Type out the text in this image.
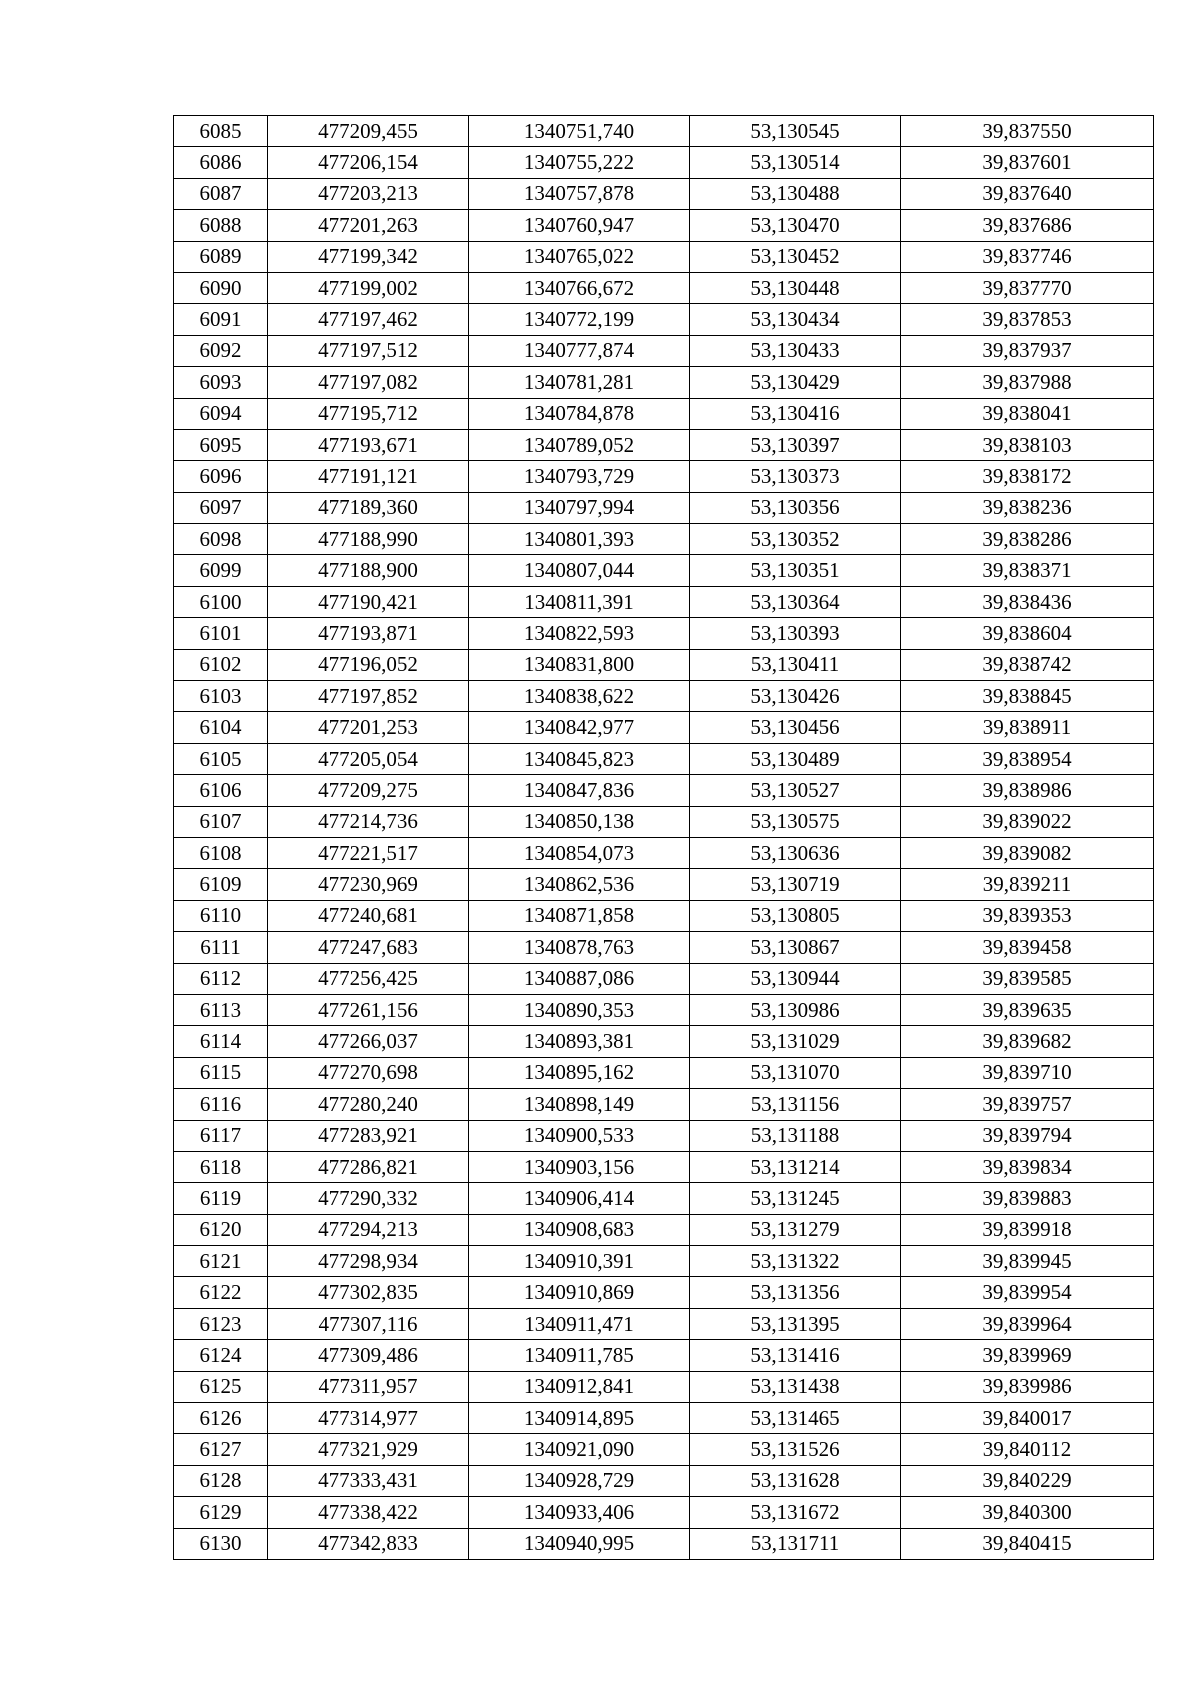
6085	477209,455	1340751,740	53,130545	39,837550
6086	477206,154	1340755,222	53,130514	39,837601
6087	477203,213	1340757,878	53,130488	39,837640
6088	477201,263	1340760,947	53,130470	39,837686
6089	477199,342	1340765,022	53,130452	39,837746
6090	477199,002	1340766,672	53,130448	39,837770
6091	477197,462	1340772,199	53,130434	39,837853
6092	477197,512	1340777,874	53,130433	39,837937
6093	477197,082	1340781,281	53,130429	39,837988
6094	477195,712	1340784,878	53,130416	39,838041
6095	477193,671	1340789,052	53,130397	39,838103
6096	477191,121	1340793,729	53,130373	39,838172
6097	477189,360	1340797,994	53,130356	39,838236
6098	477188,990	1340801,393	53,130352	39,838286
6099	477188,900	1340807,044	53,130351	39,838371
6100	477190,421	1340811,391	53,130364	39,838436
6101	477193,871	1340822,593	53,130393	39,838604
6102	477196,052	1340831,800	53,130411	39,838742
6103	477197,852	1340838,622	53,130426	39,838845
6104	477201,253	1340842,977	53,130456	39,838911
6105	477205,054	1340845,823	53,130489	39,838954
6106	477209,275	1340847,836	53,130527	39,838986
6107	477214,736	1340850,138	53,130575	39,839022
6108	477221,517	1340854,073	53,130636	39,839082
6109	477230,969	1340862,536	53,130719	39,839211
6110	477240,681	1340871,858	53,130805	39,839353
6111	477247,683	1340878,763	53,130867	39,839458
6112	477256,425	1340887,086	53,130944	39,839585
6113	477261,156	1340890,353	53,130986	39,839635
6114	477266,037	1340893,381	53,131029	39,839682
6115	477270,698	1340895,162	53,131070	39,839710
6116	477280,240	1340898,149	53,131156	39,839757
6117	477283,921	1340900,533	53,131188	39,839794
6118	477286,821	1340903,156	53,131214	39,839834
6119	477290,332	1340906,414	53,131245	39,839883
6120	477294,213	1340908,683	53,131279	39,839918
6121	477298,934	1340910,391	53,131322	39,839945
6122	477302,835	1340910,869	53,131356	39,839954
6123	477307,116	1340911,471	53,131395	39,839964
6124	477309,486	1340911,785	53,131416	39,839969
6125	477311,957	1340912,841	53,131438	39,839986
6126	477314,977	1340914,895	53,131465	39,840017
6127	477321,929	1340921,090	53,131526	39,840112
6128	477333,431	1340928,729	53,131628	39,840229
6129	477338,422	1340933,406	53,131672	39,840300
6130	477342,833	1340940,995	53,131711	39,840415
